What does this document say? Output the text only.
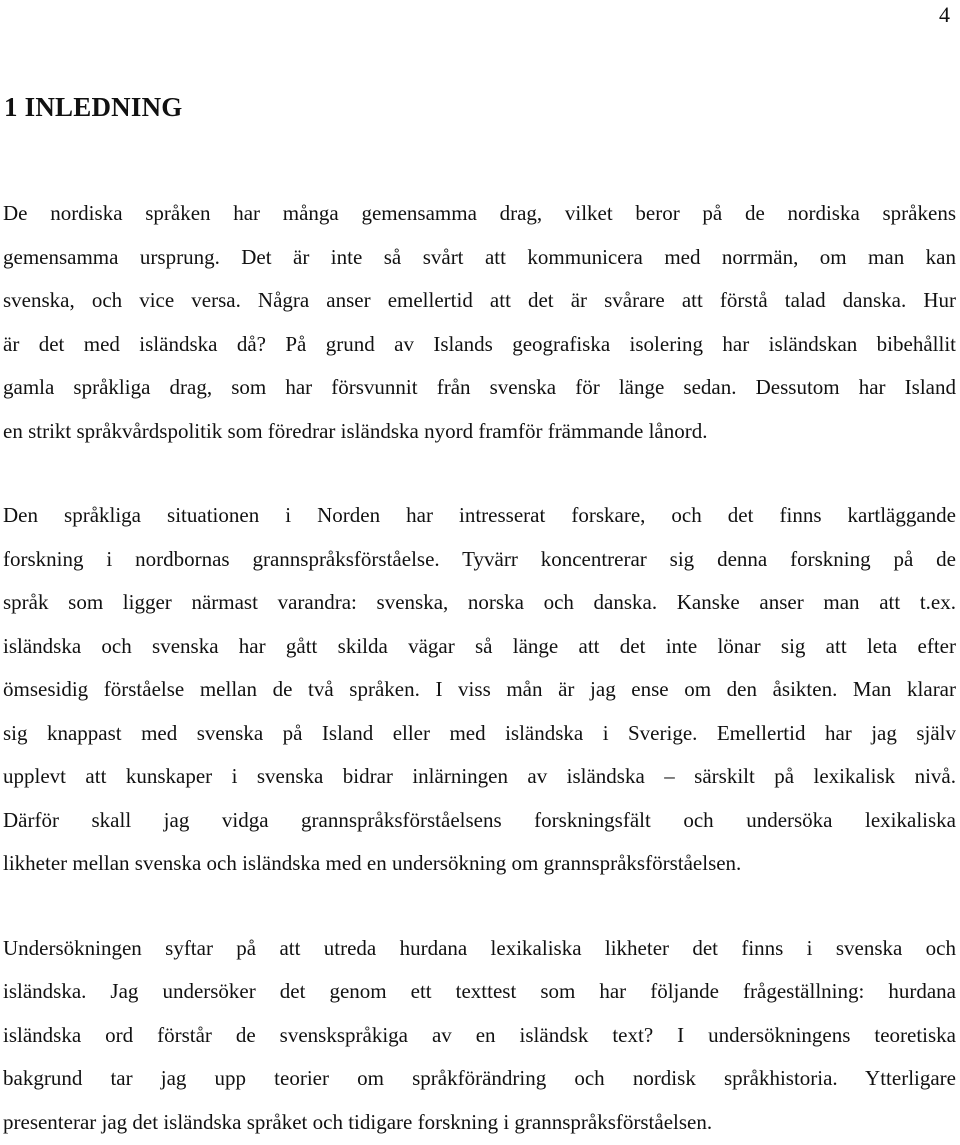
4
1 INLEDNING

De nordiska språken har många gemensamma drag, vilket beror på de nordiska språkens
gemensamma ursprung. Det är inte så svårt att kommunicera med norrmän, om man kan
svenska, och vice versa. Några anser emellertid att det är svårare att förstå talad danska. Hur
är det med isländska då? På grund av Islands geografiska isolering har isländskan bibehållit
gamla språkliga drag, som har försvunnit från svenska för länge sedan. Dessutom har Island
en strikt språkvårdspolitik som föredrar isländska nyord framför främmande lånord.

Den språkliga situationen i Norden har intresserat forskare, och det finns kartläggande
forskning i nordbornas grannspråksförståelse. Tyvärr koncentrerar sig denna forskning på de
språk som ligger närmast varandra: svenska, norska och danska. Kanske anser man att t.ex.
isländska och svenska har gått skilda vägar så länge att det inte lönar sig att leta efter
ömsesidig förståelse mellan de två språken. I viss mån är jag ense om den åsikten. Man klarar
sig knappast med svenska på Island eller med isländska i Sverige. Emellertid har jag själv
upplevt att kunskaper i svenska bidrar inlärningen av isländska – särskilt på lexikalisk nivå.
Därför skall jag vidga grannspråksförståelsens forskningsfält och undersöka lexikaliska
likheter mellan svenska och isländska med en undersökning om grannspråksförståelsen.

Undersökningen syftar på att utreda hurdana lexikaliska likheter det finns i svenska och
isländska. Jag undersöker det genom ett texttest som har följande frågeställning: hurdana
isländska ord förstår de svenskspråkiga av en isländsk text? I undersökningens teoretiska
bakgrund tar jag upp teorier om språkförändring och nordisk språkhistoria. Ytterligare
presenterar jag det isländska språket och tidigare forskning i grannspråksförståelsen.
